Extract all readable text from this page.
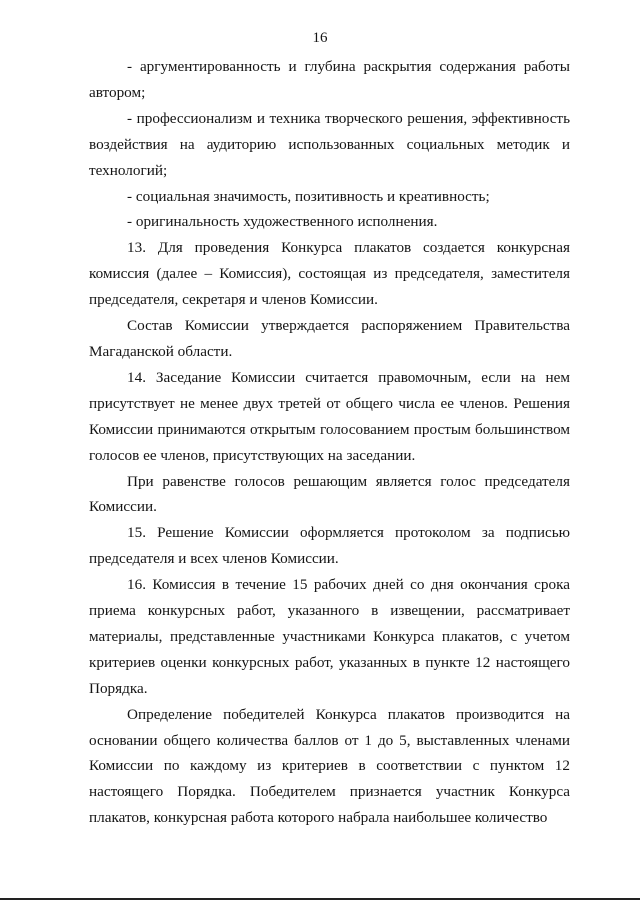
16

- аргументированность и глубина раскрытия содержания работы автором;

- профессионализм и техника творческого решения, эффективность воздействия на аудиторию использованных социальных методик и технологий;

- социальная значимость, позитивность и креативность;

- оригинальность художественного исполнения.

13. Для проведения Конкурса плакатов создается конкурсная комиссия (далее – Комиссия), состоящая из председателя, заместителя председателя, секретаря и членов Комиссии.

Состав Комиссии утверждается распоряжением Правительства Магаданской области.

14. Заседание Комиссии считается правомочным, если на нем присутствует не менее двух третей от общего числа ее членов. Решения Комиссии принимаются открытым голосованием простым большинством голосов ее членов, присутствующих на заседании.

При равенстве голосов решающим является голос председателя Комиссии.

15. Решение Комиссии оформляется протоколом за подписью председателя и всех членов Комиссии.

16. Комиссия в течение 15 рабочих дней со дня окончания срока приема конкурсных работ, указанного в извещении, рассматривает материалы, представленные участниками Конкурса плакатов, с учетом критериев оценки конкурсных работ, указанных в пункте 12 настоящего Порядка.

Определение победителей Конкурса плакатов производится на основании общего количества баллов от 1 до 5, выставленных членами Комиссии по каждому из критериев в соответствии с пунктом 12 настоящего Порядка. Победителем признается участник Конкурса плакатов, конкурсная работа которого набрала наибольшее количество
